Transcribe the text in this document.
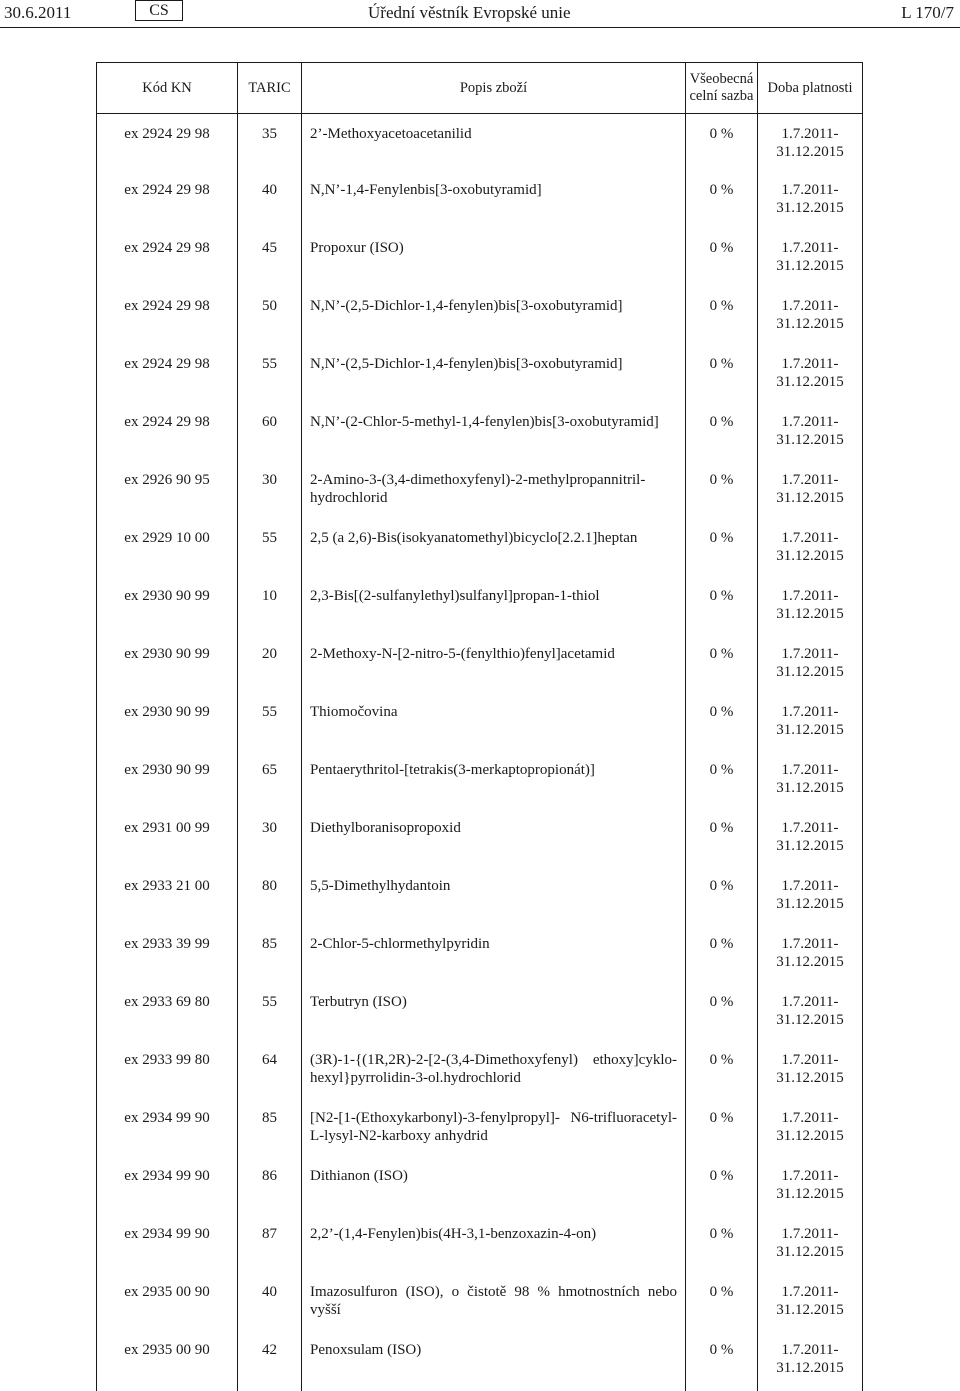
30.6.2011	CS	Úřední věstník Evropské unie	L 170/7
Kód KN	TARIC	Popis zboží	Všeobecná
celní sazba	Doba platnosti
ex 2924 29 98	35	2’-Methoxyacetoacetanilid	0 %	1.7.2011-
31.12.2015

ex 2924 29 98	40	N,N’-1,4-Fenylenbis[3-oxobutyramid]	0 %	1.7.2011-
31.12.2015

ex 2924 29 98	45	Propoxur (ISO)	0 %	1.7.2011-
31.12.2015

ex 2924 29 98	50	N,N’-(2,5-Dichlor-1,4-fenylen)bis[3-oxobutyramid]	0 %	1.7.2011-
31.12.2015

ex 2924 29 98	55	N,N’-(2,5-Dichlor-1,4-fenylen)bis[3-oxobutyramid]	0 %	1.7.2011-
31.12.2015

ex 2924 29 98	60	N,N’-(2-Chlor-5-methyl-1,4-fenylen)bis[3-oxobutyramid]	0 %	1.7.2011-
31.12.2015

ex 2926 90 95	30	2-Amino-3-(3,4-dimethoxyfenyl)-2-methylpropannitril-hydrochlorid	0 %	1.7.2011-
31.12.2015

ex 2929 10 00	55	2,5 (a 2,6)-Bis(isokyanatomethyl)bicyclo[2.2.1]heptan	0 %	1.7.2011-
31.12.2015

ex 2930 90 99	10	2,3-Bis[(2-sulfanylethyl)sulfanyl]propan-1-thiol	0 %	1.7.2011-
31.12.2015

ex 2930 90 99	20	2-Methoxy-N-[2-nitro-5-(fenylthio)fenyl]acetamid	0 %	1.7.2011-
31.12.2015

ex 2930 90 99	55	Thiomočovina	0 %	1.7.2011-
31.12.2015

ex 2930 90 99	65	Pentaerythritol-[tetrakis(3-merkaptopropionát)]	0 %	1.7.2011-
31.12.2015

ex 2931 00 99	30	Diethylboranisopropoxid	0 %	1.7.2011-
31.12.2015

ex 2933 21 00	80	5,5-Dimethylhydantoin	0 %	1.7.2011-
31.12.2015

ex 2933 39 99	85	2-Chlor-5-chlormethylpyridin	0 %	1.7.2011-
31.12.2015

ex 2933 69 80	55	Terbutryn (ISO)	0 %	1.7.2011-
31.12.2015

ex 2933 99 80	64	(3R)-1-{(1R,2R)-2-[2-(3,4-Dimethoxyfenyl) ethoxy]cyklo-hexyl}pyrrolidin-3-ol.hydrochlorid	0 %	1.7.2011-
31.12.2015

ex 2934 99 90	85	[N2-[1-(Ethoxykarbonyl)-3-fenylpropyl]- N6-trifluoracetyl-L-lysyl-N2-karboxy anhydrid	0 %	1.7.2011-
31.12.2015

ex 2934 99 90	86	Dithianon (ISO)	0 %	1.7.2011-
31.12.2015

ex 2934 99 90	87	2,2’-(1,4-Fenylen)bis(4H-3,1-benzoxazin-4-on)	0 %	1.7.2011-
31.12.2015

ex 2935 00 90	40	Imazosulfuron (ISO), o čistotě 98 % hmotnostních nebo vyšší	0 %	1.7.2011-
31.12.2015

ex 2935 00 90	42	Penoxsulam (ISO)	0 %	1.7.2011-
31.12.2015
